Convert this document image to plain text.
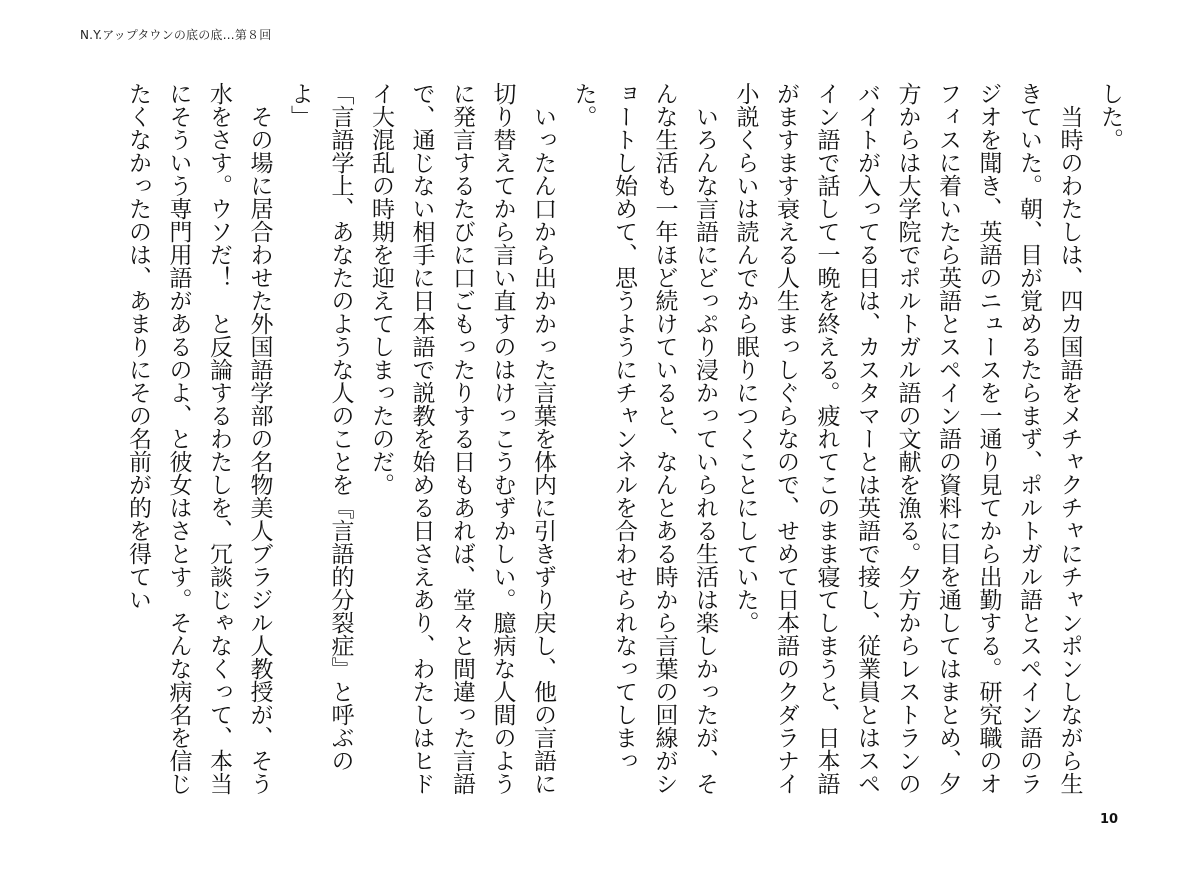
N.Y.アップタウンの底の底…第８回

した。

当時のわたしは、四カ国語をメチャクチャにチャンポンしながら生きていた。朝、目が覚めるたらまず、ポルトガル語とスペイン語のラジオを聞き、英語のニュースを一通り見てから出勤する。研究職のオフィスに着いたら英語とスペイン語の資料に目を通してはまとめ、夕方からは大学院でポルトガル語の文献を漁る。夕方からレストランのバイトが入ってる日は、カスタマーとは英語で接し、従業員とはスペイン語で話して一晩を終える。疲れてこのまま寝てしまうと、日本語がますます衰える人生まっしぐらなので、せめて日本語のクダラナイ小説くらいは読んでから眠りにつくことにしていた。

いろんな言語にどっぷり浸かっていられる生活は楽しかったが、そんな生活も一年ほど続けていると、なんとある時から言葉の回線がショートし始めて、思うようにチャンネルを合わせられなってしまった。

いったん口から出かかった言葉を体内に引きずり戻し、他の言語に切り替えてから言い直すのはけっこうむずかしい。臆病な人間のように発言するたびに口ごもったりする日もあれば、堂々と間違った言語で、通じない相手に日本語で説教を始める日さえあり、わたしはヒドイ大混乱の時期を迎えてしまったのだ。

「言語学上、あなたのような人のことを『言語的分裂症』と呼ぶのよ」

その場に居合わせた外国語学部の名物美人ブラジル人教授が、そう水をさす。ウソだ！　と反論するわたしを、冗談じゃなくって、本当にそういう専門用語があるのよ、と彼女はさとす。そんな病名を信じたくなかったのは、あまりにその名前が的を得てい

10
